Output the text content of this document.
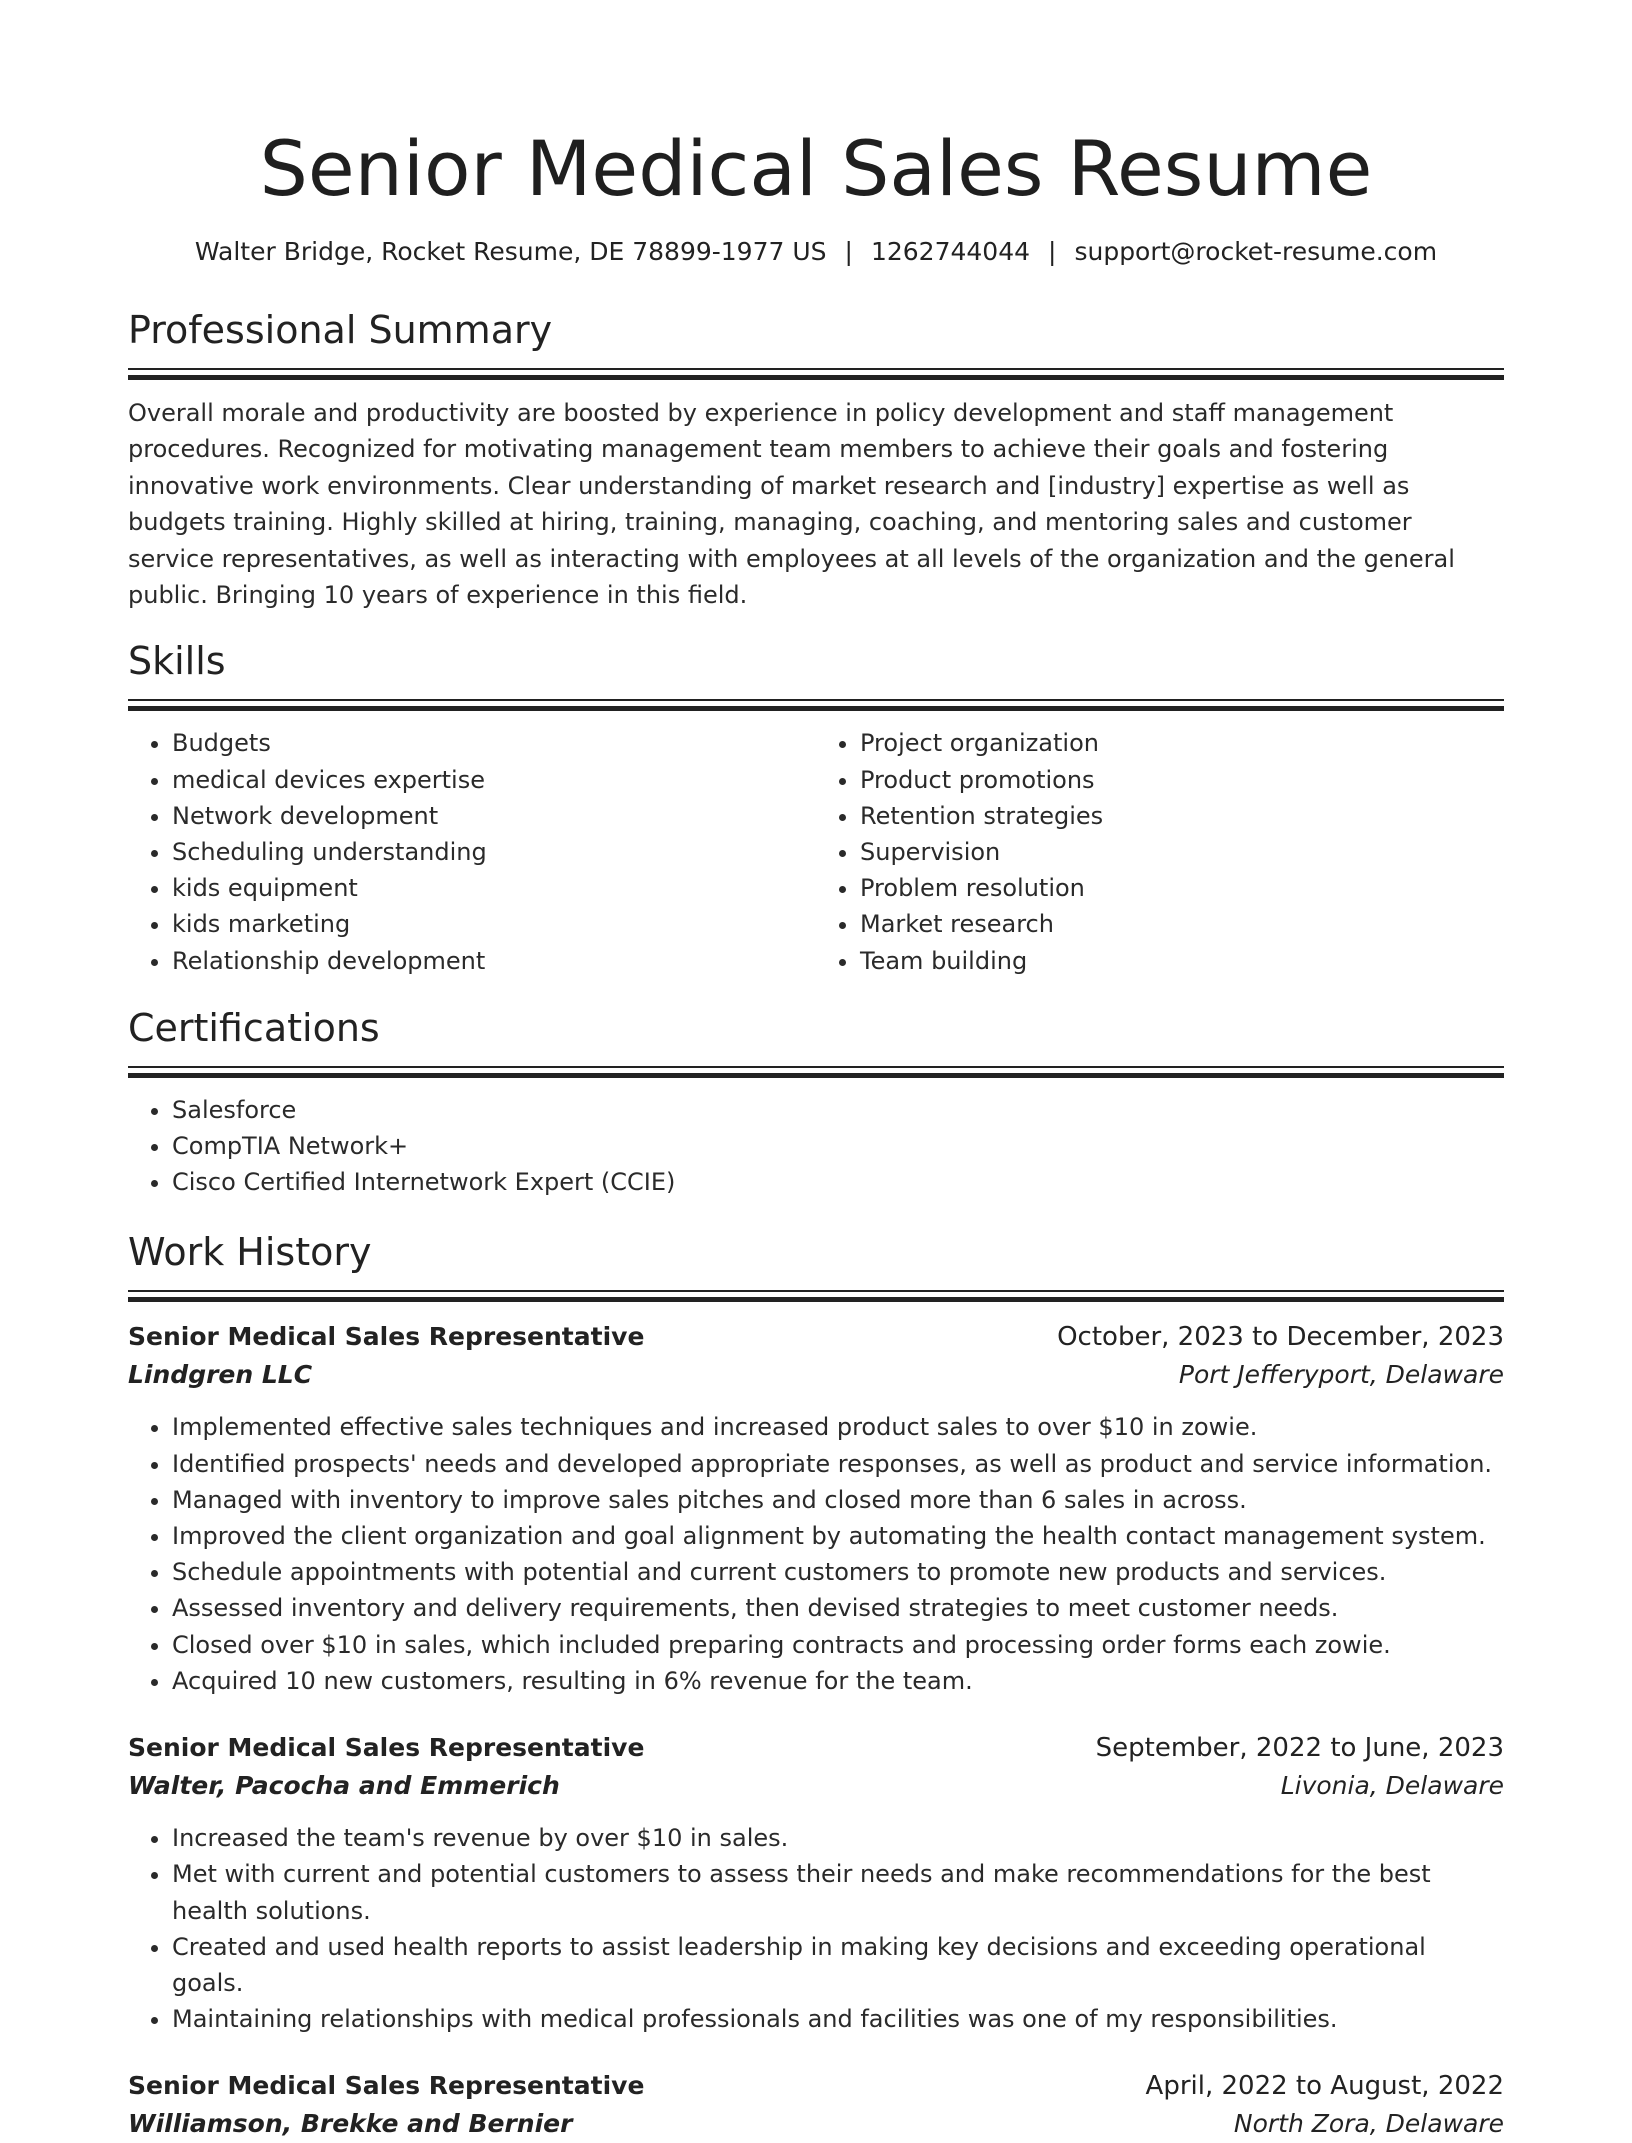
Senior Medical Sales Resume
Walter Bridge, Rocket Resume, DE 78899-1977 US | 1262744044 | support@rocket-resume.com
Professional Summary

Overall morale and productivity are boosted by experience in policy development and staff management procedures. Recognized for motivating management team members to achieve their goals and fostering innovative work environments. Clear understanding of market research and [industry] expertise as well as budgets training. Highly skilled at hiring, training, managing, coaching, and mentoring sales and customer service representatives, as well as interacting with employees at all levels of the organization and the general public. Bringing 10 years of experience in this field.

Skills
• Budgets
• medical devices expertise
• Network development
• Scheduling understanding
• kids equipment
• kids marketing
• Relationship development
• Project organization
• Product promotions
• Retention strategies
• Supervision
• Problem resolution
• Market research
• Team building
Certifications
• Salesforce
• CompTIA Network+
• Cisco Certified Internetwork Expert (CCIE)
Work History
Senior Medical Sales Representative	October, 2023 to December, 2023
Lindgren LLC	Port Jefferyport, Delaware
• Implemented effective sales techniques and increased product sales to over $10 in zowie.
• Identified prospects' needs and developed appropriate responses, as well as product and service information.
• Managed with inventory to improve sales pitches and closed more than 6 sales in across.
• Improved the client organization and goal alignment by automating the health contact management system.
• Schedule appointments with potential and current customers to promote new products and services.
• Assessed inventory and delivery requirements, then devised strategies to meet customer needs.
• Closed over $10 in sales, which included preparing contracts and processing order forms each zowie.
• Acquired 10 new customers, resulting in 6% revenue for the team.
Senior Medical Sales Representative	September, 2022 to June, 2023
Walter, Pacocha and Emmerich	Livonia, Delaware
• Increased the team's revenue by over $10 in sales.
• Met with current and potential customers to assess their needs and make recommendations for the best health solutions.
• Created and used health reports to assist leadership in making key decisions and exceeding operational goals.
• Maintaining relationships with medical professionals and facilities was one of my responsibilities.
Senior Medical Sales Representative	April, 2022 to August, 2022
Williamson, Brekke and Bernier	North Zora, Delaware
